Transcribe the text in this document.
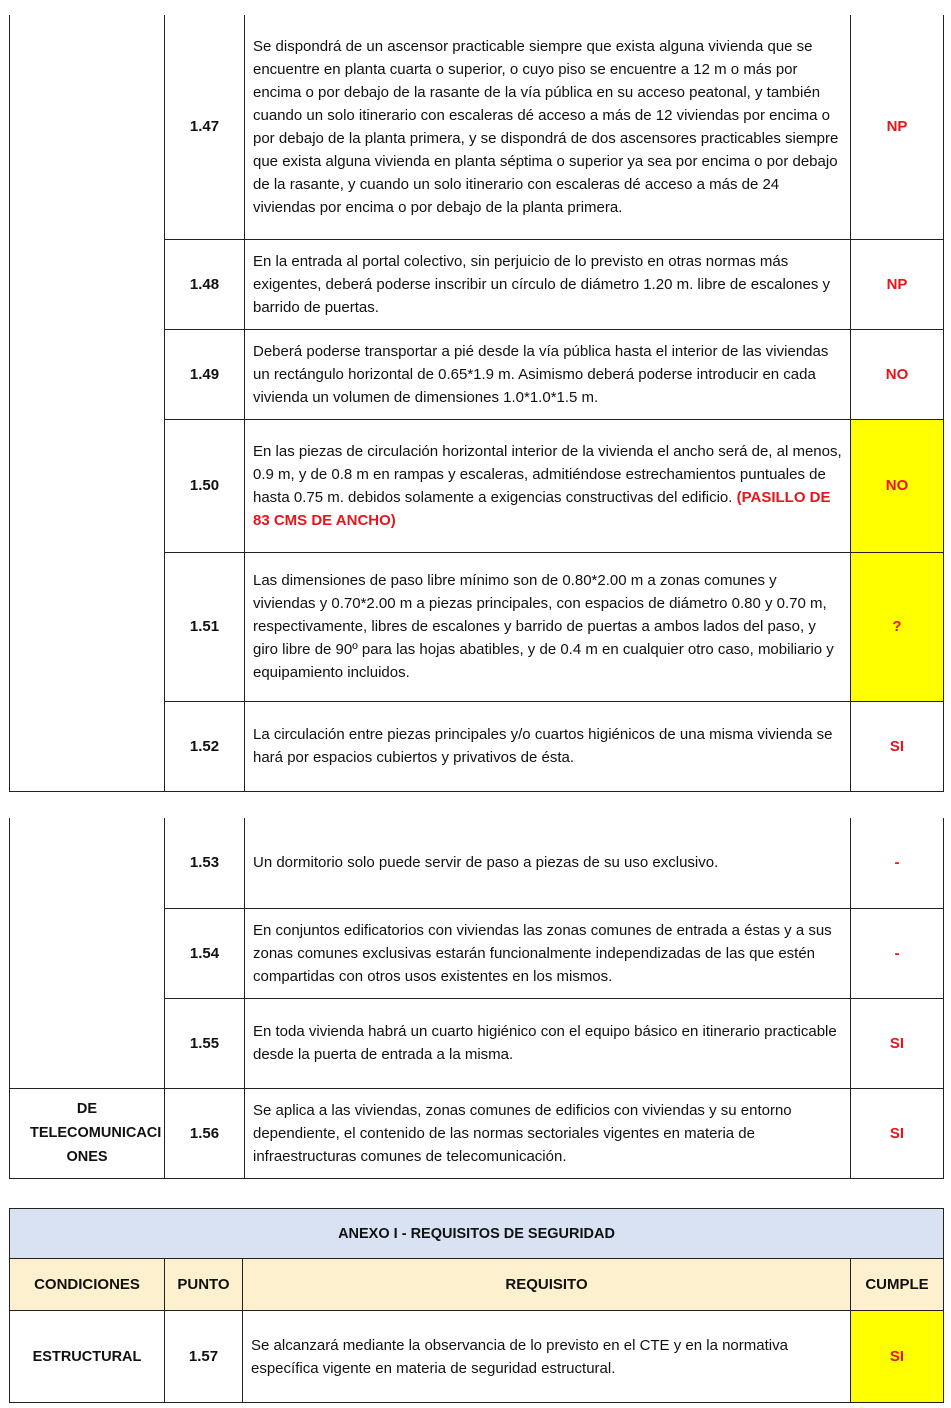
	1.47	Se dispondrá de un ascensor practicable siempre que exista alguna vivienda que se encuentre en planta cuarta o superior, o cuyo piso se encuentre a 12 m o más por encima o por debajo de la rasante de la vía pública en su acceso peatonal, y también cuando un solo itinerario con escaleras dé acceso a más de 12 viviendas por encima o por debajo de la planta primera, y se dispondrá de dos ascensores practicables siempre que exista alguna vivienda en planta séptima o superior ya sea por encima o por debajo de la rasante, y cuando un solo itinerario con escaleras dé acceso a más de 24 viviendas por encima o por debajo de la planta primera.	NP
	1.48	En la entrada al portal colectivo, sin perjuicio de lo previsto en otras normas más exigentes, deberá poderse inscribir un círculo de diámetro 1.20 m. libre de escalones y barrido de puertas.	NP
	1.49	Deberá poderse transportar a pié desde la vía pública hasta el interior de las viviendas un rectángulo horizontal de 0.65*1.9 m. Asimismo deberá poderse introducir en cada vivienda un volumen de dimensiones 1.0*1.0*1.5 m.	NO
	1.50	En las piezas de circulación horizontal interior de la vivienda el ancho será de, al menos, 0.9 m, y de 0.8 m en rampas y escaleras, admitiéndose estrechamientos puntuales de hasta 0.75 m. debidos solamente a exigencias constructivas del edificio. (PASILLO DE 83 CMS DE ANCHO)	NO
	1.51	Las dimensiones de paso libre mínimo son de 0.80*2.00 m a zonas comunes y viviendas y 0.70*2.00 m a piezas principales, con espacios de diámetro 0.80 y 0.70 m, respectivamente, libres de escalones y barrido de puertas a ambos lados del paso, y giro libre de 90º para las hojas abatibles, y de 0.4 m en cualquier otro caso, mobiliario y equipamiento incluidos.	?
	1.52	La circulación entre piezas principales y/o cuartos higiénicos de una misma vivienda se hará por espacios cubiertos y privativos de ésta.	SI
	1.53	Un dormitorio solo puede servir de paso a piezas de su uso exclusivo.	-
	1.54	En conjuntos edificatorios con viviendas las zonas comunes de entrada a éstas y a sus zonas comunes exclusivas estarán funcionalmente independizadas de las que estén compartidas con otros usos existentes en los mismos.	-
	1.55	En toda vivienda habrá un cuarto higiénico con el equipo básico en itinerario practicable desde la puerta de entrada a la misma.	SI
DE TELECOMUNICACI ONES	1.56	Se aplica a las viviendas, zonas comunes de edificios con viviendas y su entorno dependiente, el contenido de las normas sectoriales vigentes en materia de infraestructuras comunes de telecomunicación.	SI
ANEXO I - REQUISITOS DE SEGURIDAD			
CONDICIONES	PUNTO	REQUISITO	CUMPLE
ESTRUCTURAL	1.57	Se alcanzará mediante la observancia de lo previsto en el CTE y en la normativa específica vigente en materia de seguridad estructural.	SI
